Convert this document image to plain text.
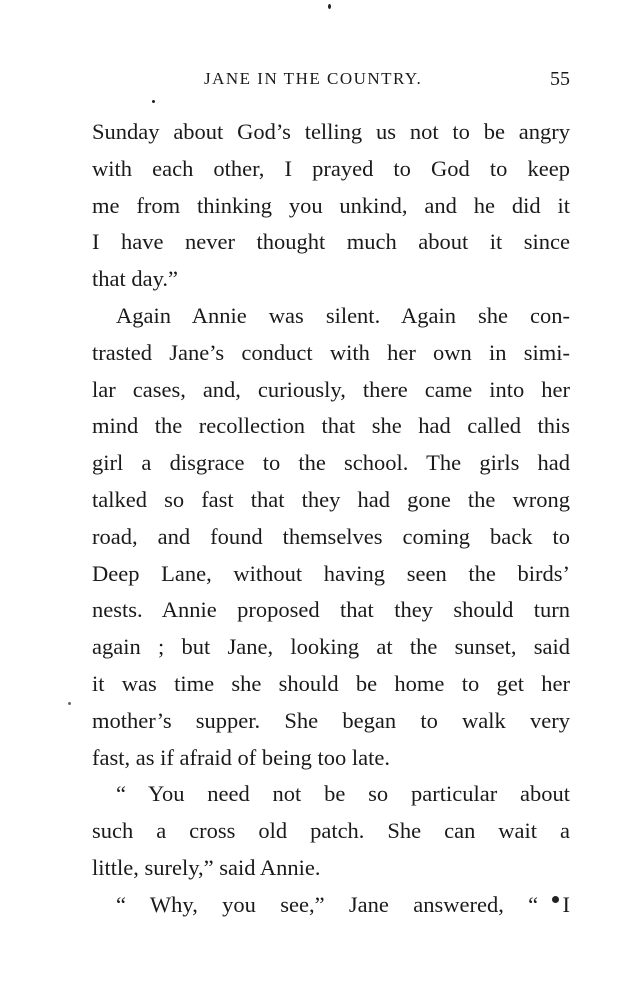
JANE IN THE COUNTRY.	55
Sunday about God’s telling us not to be angry
with each other, I prayed to God to keep
me from thinking you unkind, and he did it
I have never thought much about it since
that day.”
Again Annie was silent. Again she con-
trasted Jane’s conduct with her own in simi-
lar cases, and, curiously, there came into her
mind the recollection that she had called this
girl a disgrace to the school. The girls had
talked so fast that they had gone the wrong
road, and found themselves coming back to
Deep Lane, without having seen the birds’
nests. Annie proposed that they should turn
again ; but Jane, looking at the sunset, said
it was time she should be home to get her
mother’s supper. She began to walk very
fast, as if afraid of being too late.
“ You need not be so particular about
such a cross old patch. She can wait a
little, surely,” said Annie.
“ Why, you see,” Jane answered, “ I
